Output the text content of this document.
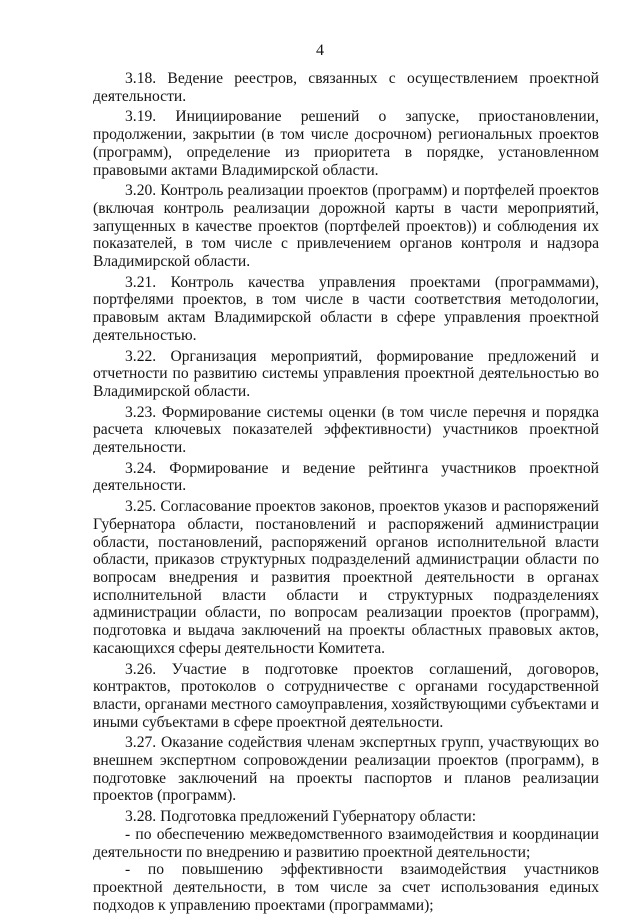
4

3.18. Ведение реестров, связанных с осуществлением проектной деятельности.

3.19. Инициирование решений о запуске, приостановлении, продолжении, закрытии (в том числе досрочном) региональных проектов (программ), определение из приоритета в порядке, установленном правовыми актами Владимирской области.

3.20. Контроль реализации проектов (программ) и портфелей проектов (включая контроль реализации дорожной карты в части мероприятий, запущенных в качестве проектов (портфелей проектов)) и соблюдения их показателей, в том числе с привлечением органов контроля и надзора Владимирской области.

3.21. Контроль качества управления проектами (программами), портфелями проектов, в том числе в части соответствия методологии, правовым актам Владимирской области в сфере управления проектной деятельностью.

3.22. Организация мероприятий, формирование предложений и отчетности по развитию системы управления проектной деятельностью во Владимирской области.

3.23. Формирование системы оценки (в том числе перечня и порядка расчета ключевых показателей эффективности) участников проектной деятельности.

3.24. Формирование и ведение рейтинга участников проектной деятельности.

3.25. Согласование проектов законов, проектов указов и распоряжений Губернатора области, постановлений и распоряжений администрации области, постановлений, распоряжений органов исполнительной власти области, приказов структурных подразделений администрации области по вопросам внедрения и развития проектной деятельности в органах исполнительной власти области и структурных подразделениях администрации области, по вопросам реализации проектов (программ), подготовка и выдача заключений на проекты областных правовых актов, касающихся сферы деятельности Комитета.

3.26. Участие в подготовке проектов соглашений, договоров, контрактов, протоколов о сотрудничестве с органами государственной власти, органами местного самоуправления, хозяйствующими субъектами и иными субъектами в сфере проектной деятельности.

3.27. Оказание содействия членам экспертных групп, участвующих во внешнем экспертном сопровождении реализации проектов (программ), в подготовке заключений на проекты паспортов и планов реализации проектов (программ).

3.28. Подготовка предложений Губернатору области:

- по обеспечению межведомственного взаимодействия и координации деятельности по внедрению и развитию проектной деятельности;

- по повышению эффективности взаимодействия участников проектной деятельности, в том числе за счет использования единых подходов к управлению проектами (программами);
